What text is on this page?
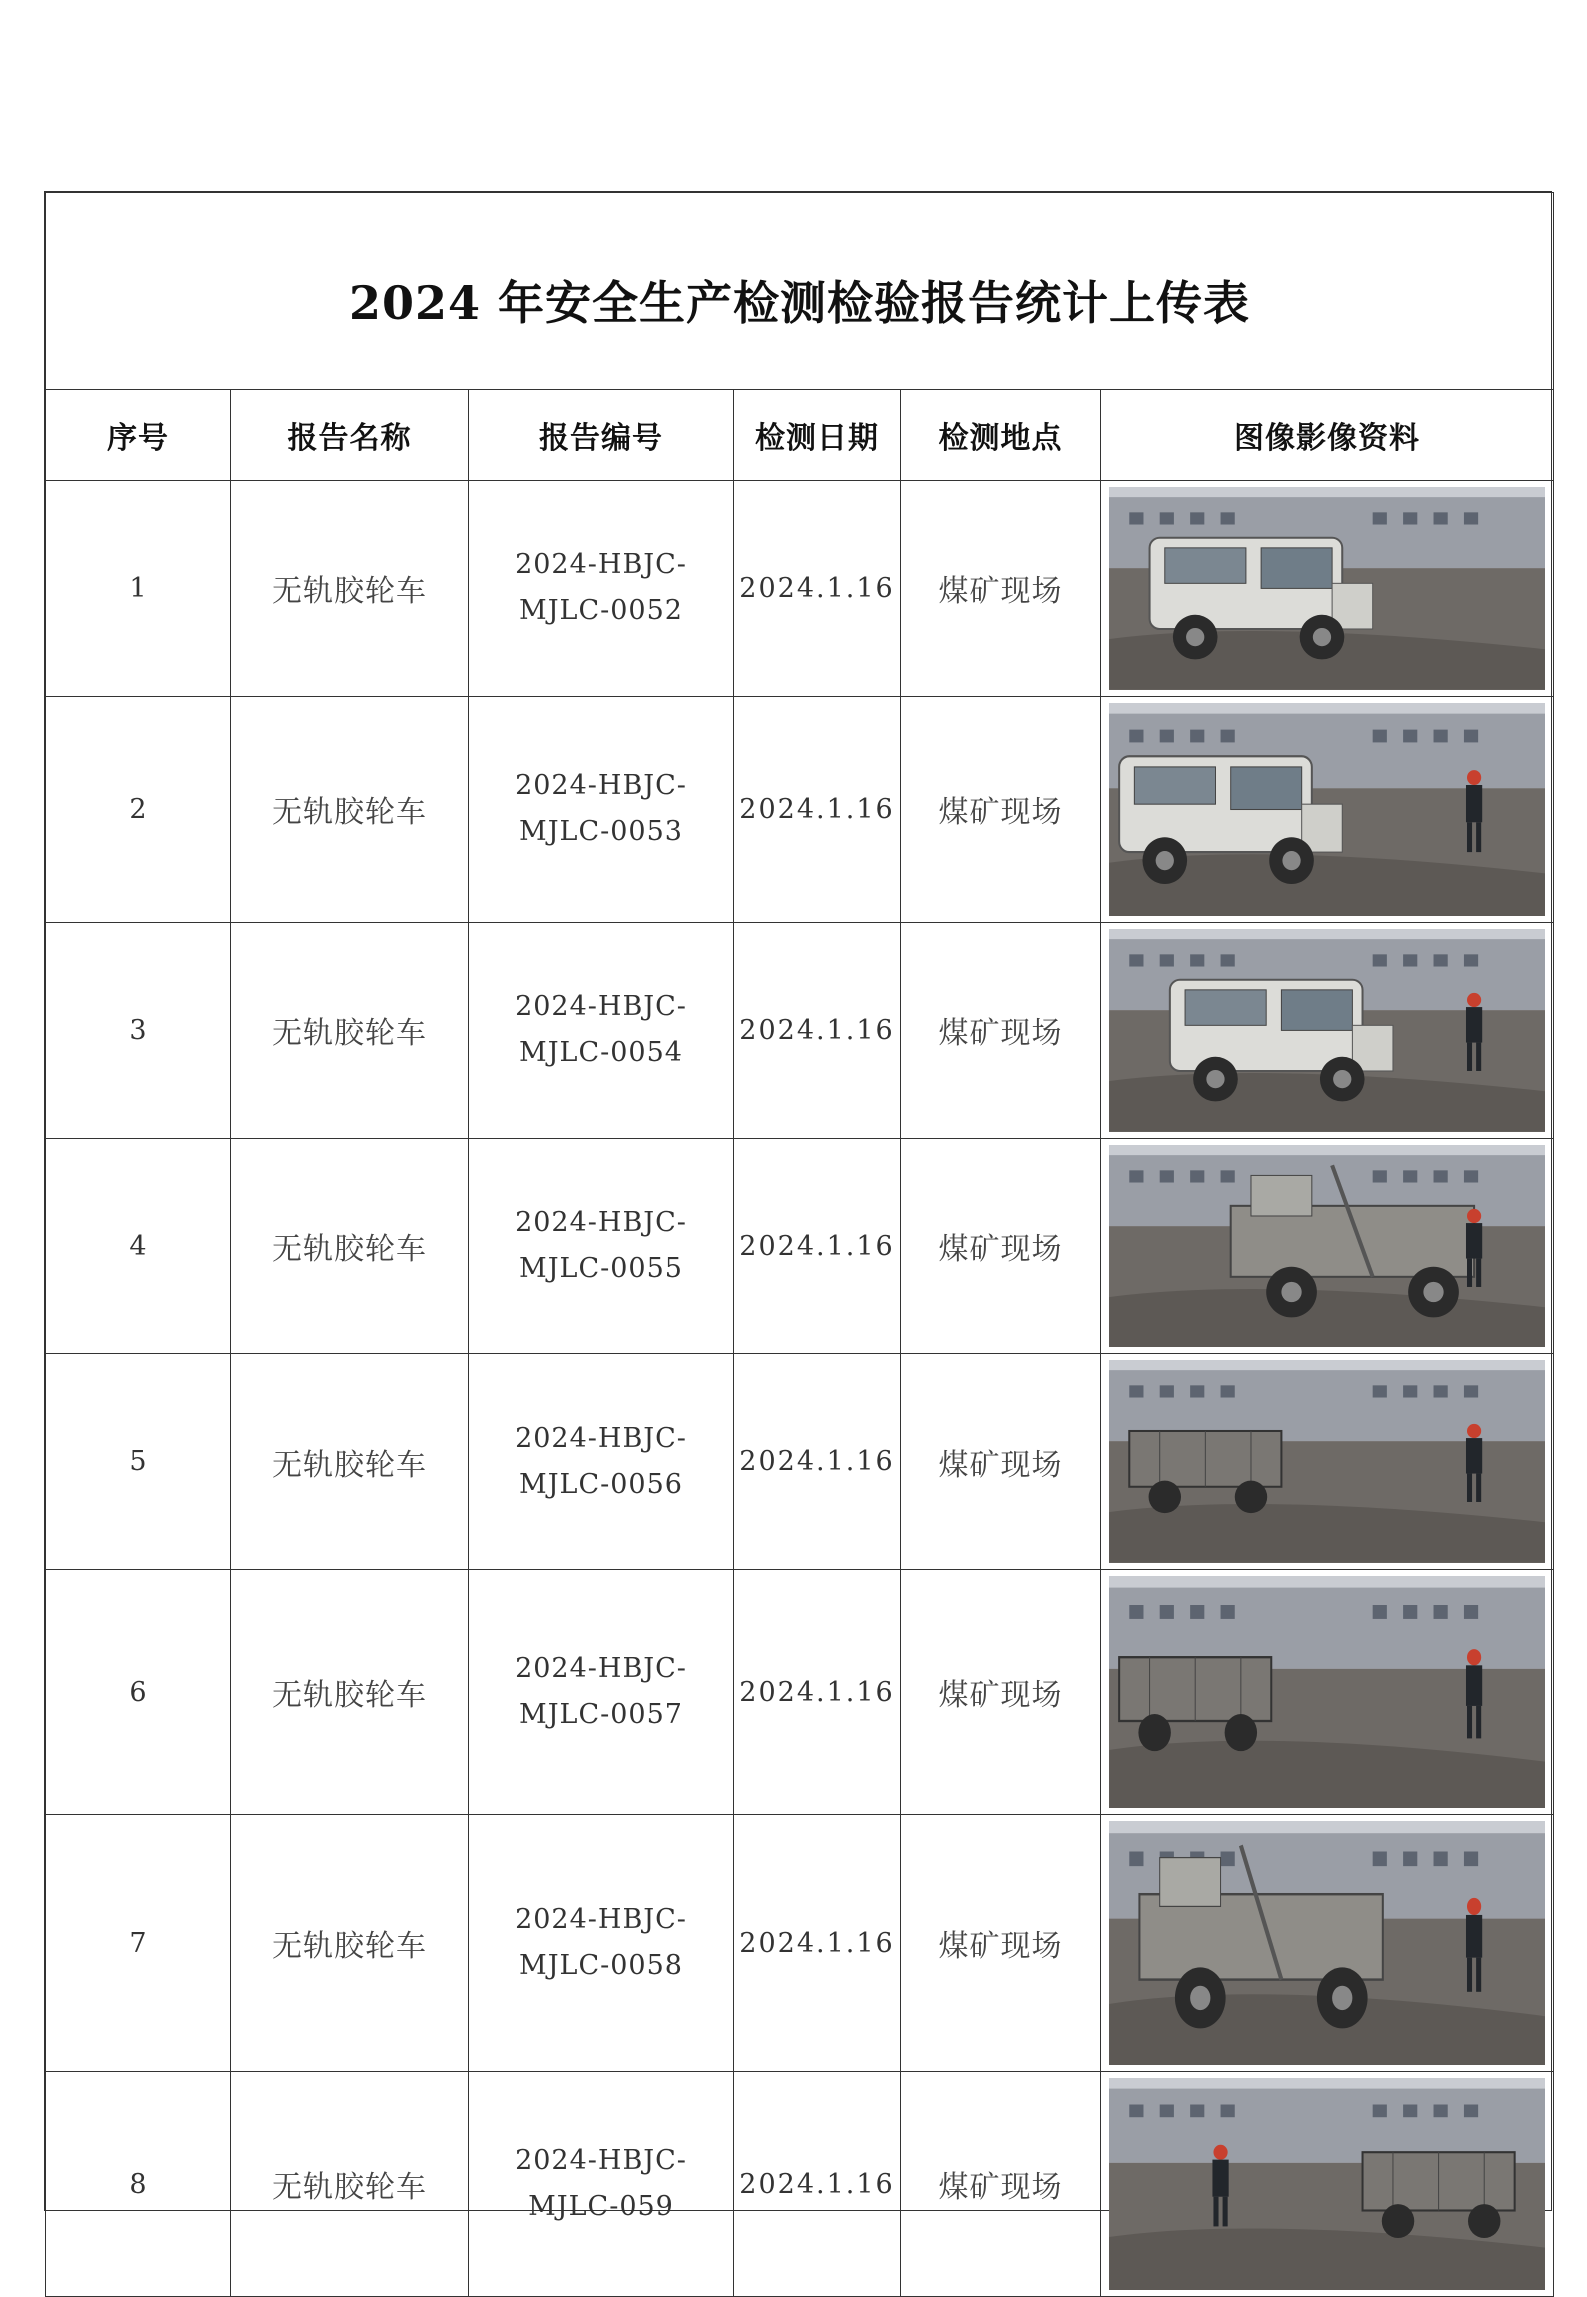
2024 年安全生产检测检验报告统计上传表					
序号	报告名称	报告编号	检测日期	检测地点	图像影像资料
1	无轨胶轮车	2024-HBJC-
MJLC-0052	2024.1.16	煤矿现场	

2	无轨胶轮车	2024-HBJC-
MJLC-0053	2024.1.16	煤矿现场	

3	无轨胶轮车	2024-HBJC-
MJLC-0054	2024.1.16	煤矿现场	

4	无轨胶轮车	2024-HBJC-
MJLC-0055	2024.1.16	煤矿现场	

5	无轨胶轮车	2024-HBJC-
MJLC-0056	2024.1.16	煤矿现场	

6	无轨胶轮车	2024-HBJC-
MJLC-0057	2024.1.16	煤矿现场	

7	无轨胶轮车	2024-HBJC-
MJLC-0058	2024.1.16	煤矿现场	

8	无轨胶轮车	2024-HBJC-
MJLC-059	2024.1.16	煤矿现场	
